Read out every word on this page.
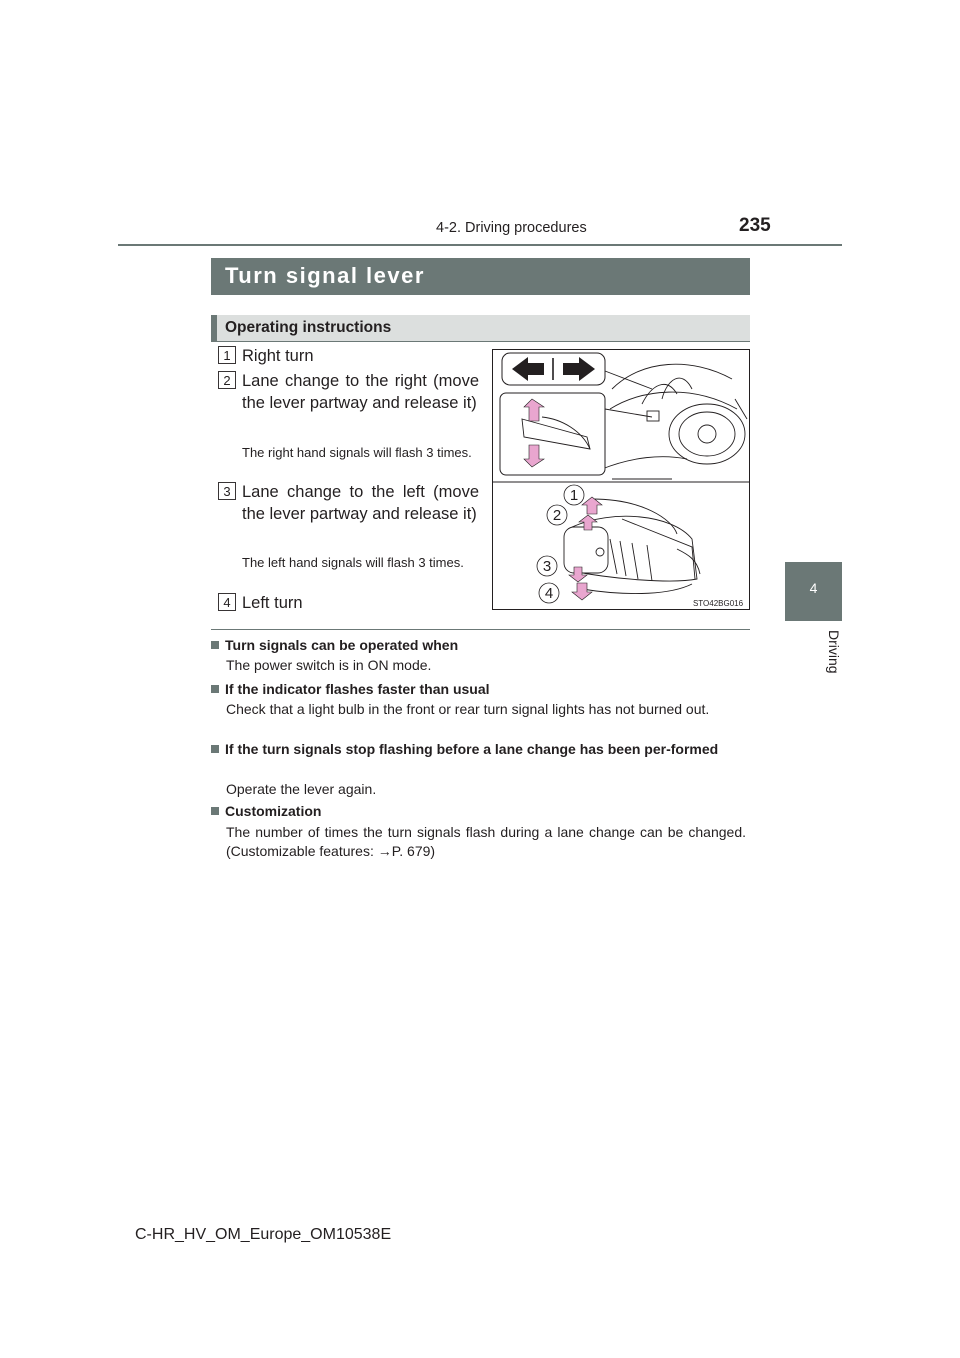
4-2. Driving procedures	235
4
Driving
Turn signal lever
Operating instructions
1 Right turn
2 Lane change to the right (move the lever partway and release it)
The right hand signals will flash 3 times.
3 Lane change to the left (move the lever partway and release it)
The left hand signals will flash 3 times.
4 Left turn
1
2
3
4
STO42BG016
Turn signals can be operated when
The power switch is in ON mode.
If the indicator flashes faster than usual
Check that a light bulb in the front or rear turn signal lights has not burned out.
If the turn signals stop flashing before a lane change has been per-formed
Operate the lever again.
Customization
The number of times the turn signals flash during a lane change can be changed. (Customizable features: →P. 679)
C-HR_HV_OM_Europe_OM10538E
